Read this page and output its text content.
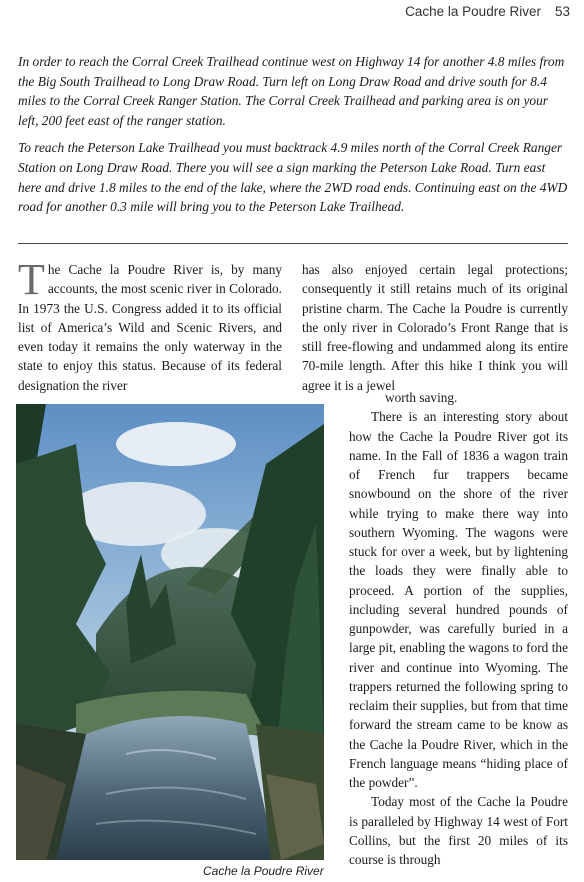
Cache la Poudre River 53

In order to reach the Corral Creek Trailhead continue west on Highway 14 for another 4.8 miles from the Big South Trailhead to Long Draw Road. Turn left on Long Draw Road and drive south for 8.4 miles to the Corral Creek Ranger Station. The Corral Creek Trailhead and parking area is on your left, 200 feet east of the ranger station.

To reach the Peterson Lake Trailhead you must backtrack 4.9 miles north of the Corral Creek Ranger Station on Long Draw Road. There you will see a sign marking the Peterson Lake Road. Turn east here and drive 1.8 miles to the end of the lake, where the 2WD road ends. Continuing east on the 4WD road for another 0.3 mile will bring you to the Peterson Lake Trailhead.

The Cache la Poudre River is, by many accounts, the most scenic river in Colorado. In 1973 the U.S. Congress added it to its official list of America’s Wild and Scenic Rivers, and even today it remains the only waterway in the state to enjoy this status. Because of its federal designation the river

has also enjoyed certain legal protections; consequently it still retains much of its original pristine charm. The Cache la Poudre is currently the only river in Colorado’s Front Range that is still free-flowing and undammed along its entire 70-mile length. After this hike I think you will agree it is a jewel

worth saving.

There is an interesting story about how the Cache la Poudre River got its name. In the Fall of 1836 a wagon train of French fur trappers became snowbound on the shore of the river while trying to make there way into southern Wyoming. The wagons were stuck for over a week, but by lightening the loads they were finally able to proceed. A portion of the supplies, including several hundred pounds of gunpowder, was carefully buried in a large pit, enabling the wagons to ford the river and continue into Wyoming. The trappers returned the following spring to reclaim their supplies, but from that time forward the stream came to be know as the Cache la Poudre River, which in the French language means “hiding place of the powder”.

Today most of the Cache la Poudre is paralleled by Highway 14 west of Fort Collins, but the first 20 miles of its course is through

Cache la Poudre River
